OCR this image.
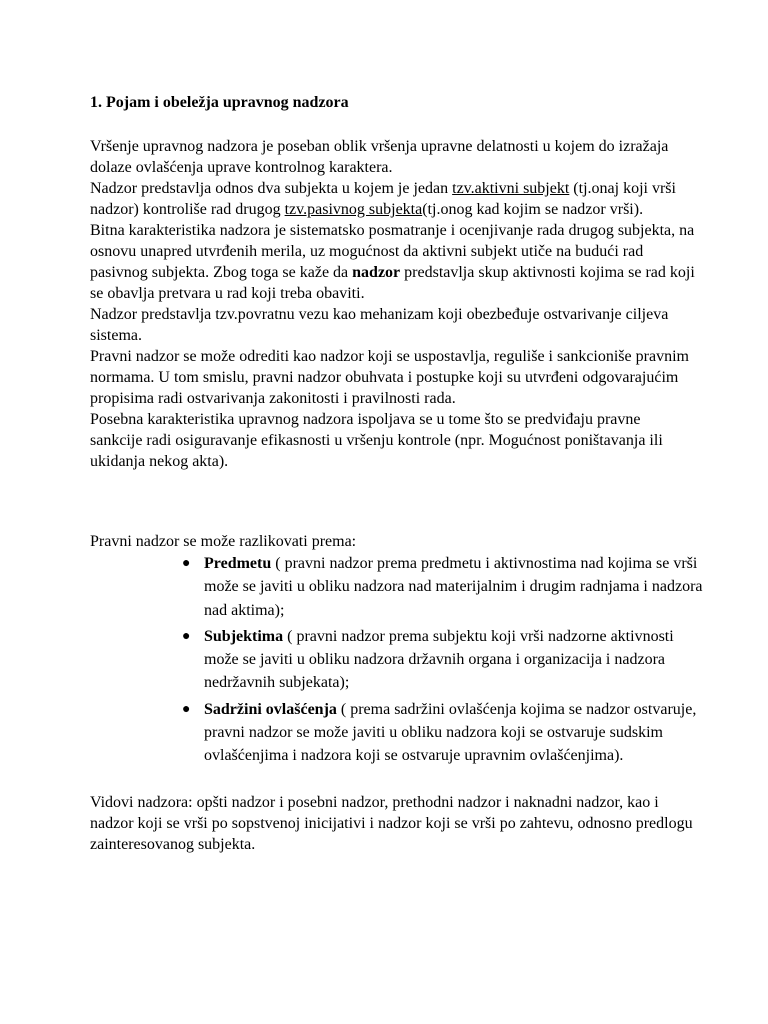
1. Pojam i obeležja upravnog nadzora

Vršenje upravnog nadzora je poseban oblik vršenja upravne delatnosti u kojem do izražaja dolaze ovlašćenja uprave kontrolnog karaktera.

Nadzor predstavlja odnos dva subjekta u kojem je jedan tzv.aktivni subjekt (tj.onaj koji vrši nadzor) kontroliše rad drugog tzv.pasivnog subjekta(tj.onog kad kojim se nadzor vrši).

Bitna karakteristika nadzora je sistematsko posmatranje i ocenjivanje rada drugog subjekta, na osnovu unapred utvrđenih merila, uz mogućnost da aktivni subjekt utiče na budući rad pasivnog subjekta. Zbog toga se kaže da nadzor predstavlja skup aktivnosti kojima se rad koji se obavlja pretvara u rad koji treba obaviti.

Nadzor predstavlja tzv.povratnu vezu kao mehanizam koji obezbeđuje ostvarivanje ciljeva sistema.

Pravni nadzor se može odrediti kao nadzor koji se uspostavlja, reguliše i sankcioniše pravnim normama. U tom smislu, pravni nadzor obuhvata i postupke koji su utvrđeni odgovarajućim propisima radi ostvarivanja zakonitosti i pravilnosti rada.

Posebna karakteristika upravnog nadzora ispoljava se u tome što se predviđaju pravne sankcije radi osiguravanje efikasnosti u vršenju kontrole (npr. Mogućnost poništavanja ili ukidanja nekog akta).

Pravni nadzor se može razlikovati prema:

● Predmetu ( pravni nadzor prema predmetu i aktivnostima nad kojima se vrši može se javiti u obliku nadzora nad materijalnim i drugim radnjama i nadzora nad aktima);
● Subjektima ( pravni nadzor prema subjektu koji vrši nadzorne aktivnosti može se javiti u obliku nadzora državnih organa i organizacija i nadzora nedržavnih subjekata);
● Sadržini ovlašćenja ( prema sadržini ovlašćenja kojima se nadzor ostvaruje, pravni nadzor se može javiti u obliku nadzora koji se ostvaruje sudskim ovlašćenjima i nadzora koji se ostvaruje upravnim ovlašćenjima).

Vidovi nadzora: opšti nadzor i posebni nadzor, prethodni nadzor i naknadni nadzor, kao i nadzor koji se vrši po sopstvenoj inicijativi i nadzor koji se vrši po zahtevu, odnosno predlogu zainteresovanog subjekta.
